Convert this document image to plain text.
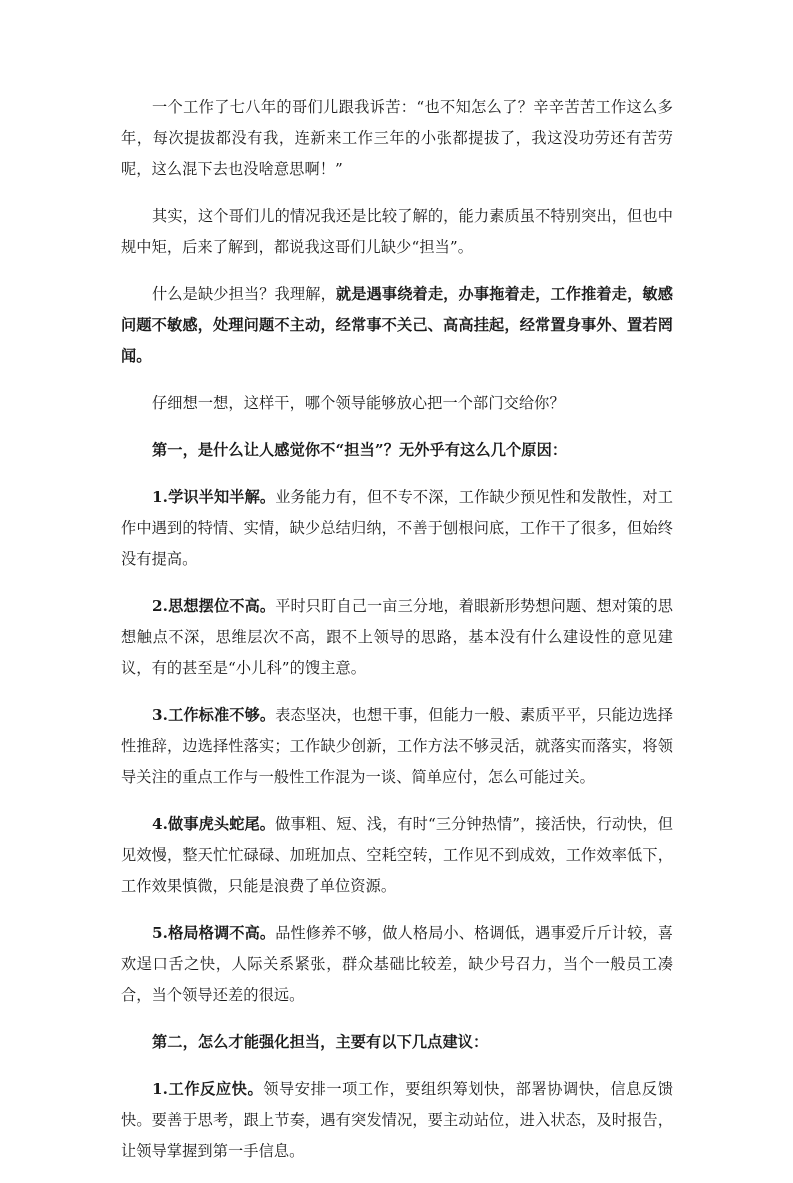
一个工作了七八年的哥们儿跟我诉苦：“也不知怎么了？辛辛苦苦工作这么多年，每次提拔都没有我，连新来工作三年的小张都提拔了，我这没功劳还有苦劳呢，这么混下去也没啥意思啊！”

其实，这个哥们儿的情况我还是比较了解的，能力素质虽不特别突出，但也中规中矩，后来了解到，都说我这哥们儿缺少“担当”。

什么是缺少担当？我理解，就是遇事绕着走，办事拖着走，工作推着走，敏感问题不敏感，处理问题不主动，经常事不关己、高高挂起，经常置身事外、置若罔闻。

仔细想一想，这样干，哪个领导能够放心把一个部门交给你？

第一，是什么让人感觉你不“担当”？无外乎有这么几个原因：

1.学识半知半解。业务能力有，但不专不深，工作缺少预见性和发散性，对工作中遇到的特情、实情，缺少总结归纳，不善于刨根问底，工作干了很多，但始终没有提高。

2.思想摆位不高。平时只盯自己一亩三分地，着眼新形势想问题、想对策的思想触点不深，思维层次不高，跟不上领导的思路，基本没有什么建设性的意见建议，有的甚至是“小儿科”的馊主意。

3.工作标准不够。表态坚决，也想干事，但能力一般、素质平平，只能边选择性推辞，边选择性落实；工作缺少创新，工作方法不够灵活，就落实而落实，将领导关注的重点工作与一般性工作混为一谈、简单应付，怎么可能过关。

4.做事虎头蛇尾。做事粗、短、浅，有时“三分钟热情”，接活快，行动快，但见效慢，整天忙忙碌碌、加班加点、空耗空转，工作见不到成效，工作效率低下，工作效果慎微，只能是浪费了单位资源。

5.格局格调不高。品性修养不够，做人格局小、格调低，遇事爱斤斤计较，喜欢逞口舌之快，人际关系紧张，群众基础比较差，缺少号召力，当个一般员工凑合，当个领导还差的很远。

第二，怎么才能强化担当，主要有以下几点建议：

1.工作反应快。领导安排一项工作，要组织筹划快，部署协调快，信息反馈快。要善于思考，跟上节奏，遇有突发情况，要主动站位，进入状态，及时报告，让领导掌握到第一手信息。
